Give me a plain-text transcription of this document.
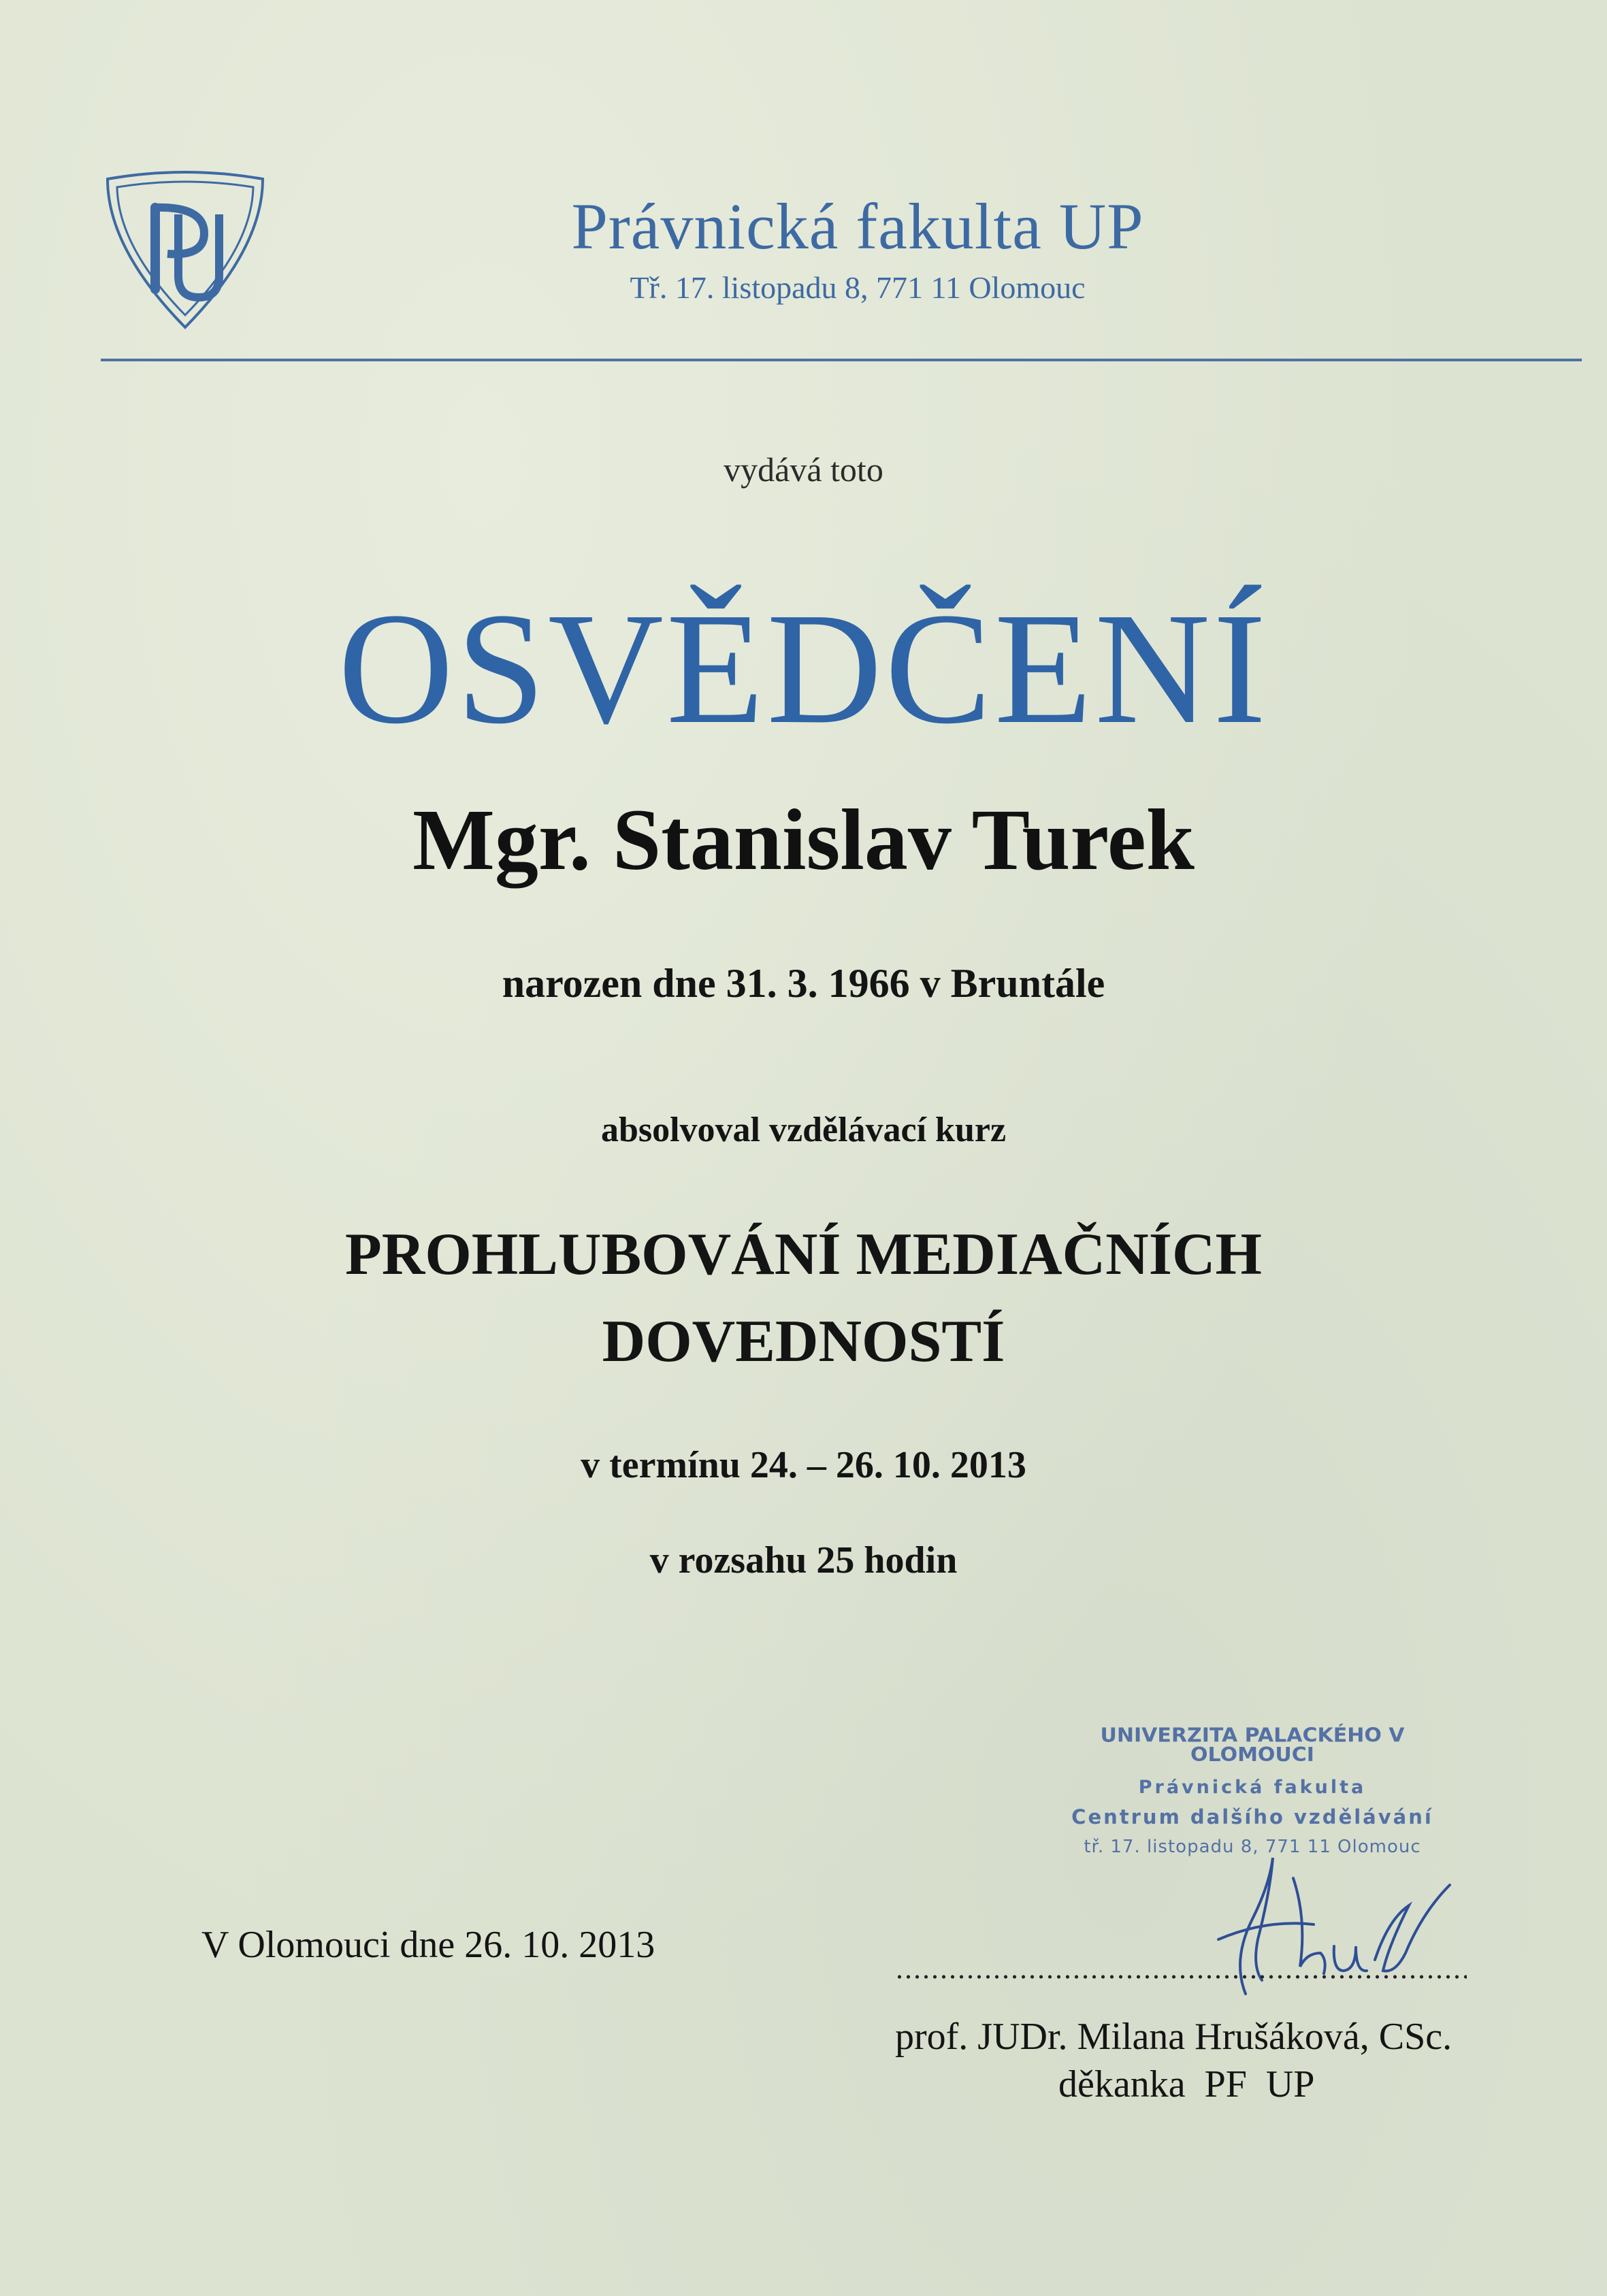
Právnická fakulta UP
Tř. 17. listopadu 8, 771 11 Olomouc
vydává toto
OSVĚDČENÍ
Mgr. Stanislav Turek
narozen dne 31. 3. 1966 v Bruntále
absolvoval vzdělávací kurz
PROHLUBOVÁNÍ MEDIAČNÍCH
DOVEDNOSTÍ
v termínu 24. – 26. 10. 2013
v rozsahu 25 hodin
UNIVERZITA PALACKÉHO V OLOMOUCI
Právnická fakulta
Centrum dalšího vzdělávání
tř. 17. listopadu 8, 771 11 Olomouc
V Olomouci dne 26. 10. 2013
prof. JUDr. Milana Hrušáková, CSc.
děkanka PF UP
